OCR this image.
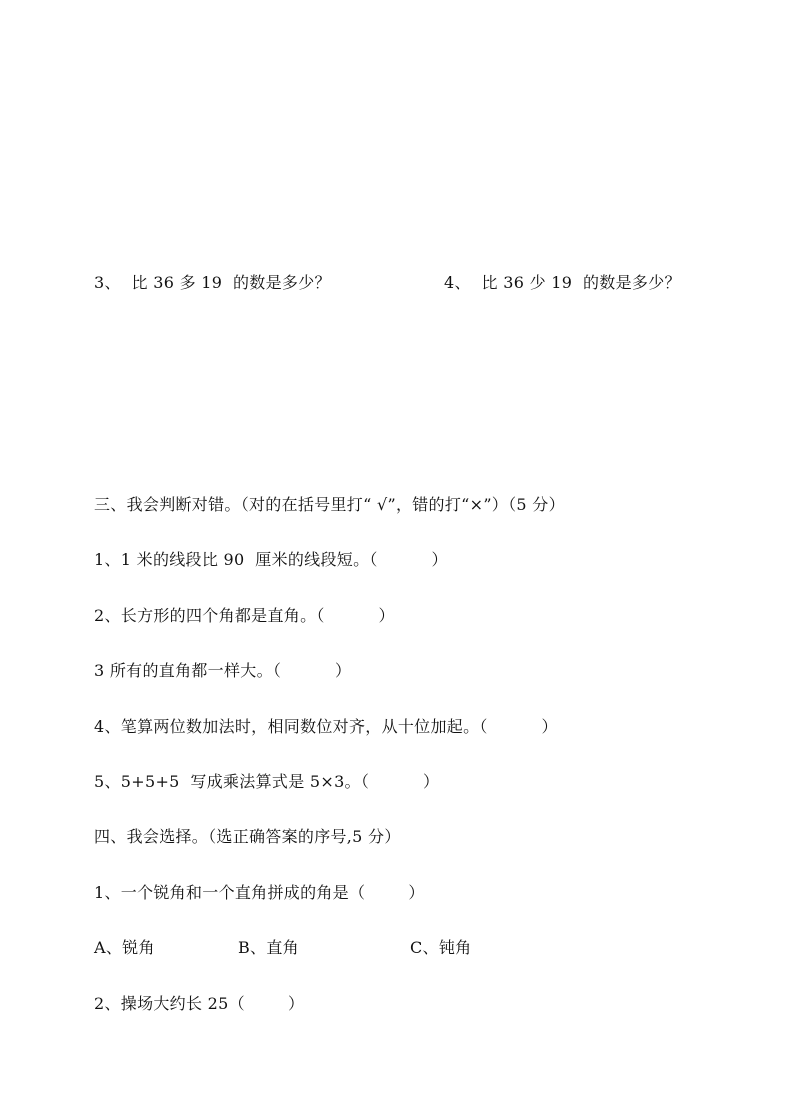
3、  比 36 多 19  的数是多少？	4、  比 36 少 19  的数是多少？
三、我会判断对错。（对的在括号里打“ √”，错的打“×”）（5 分）
1、1 米的线段比 90  厘米的线段短。（          ）
2、长方形的四个角都是直角。（          ）
3 所有的直角都一样大。（          ）
4、笔算两位数加法时，相同数位对齐，从十位加起。（          ）
5、5+5+5  写成乘法算式是 5×3。（          ）
四、我会选择。（选正确答案的序号,5 分）
1、一个锐角和一个直角拼成的角是（        ）
A、锐角	B、直角	C、钝角
2、操场大约长 25（        ）
